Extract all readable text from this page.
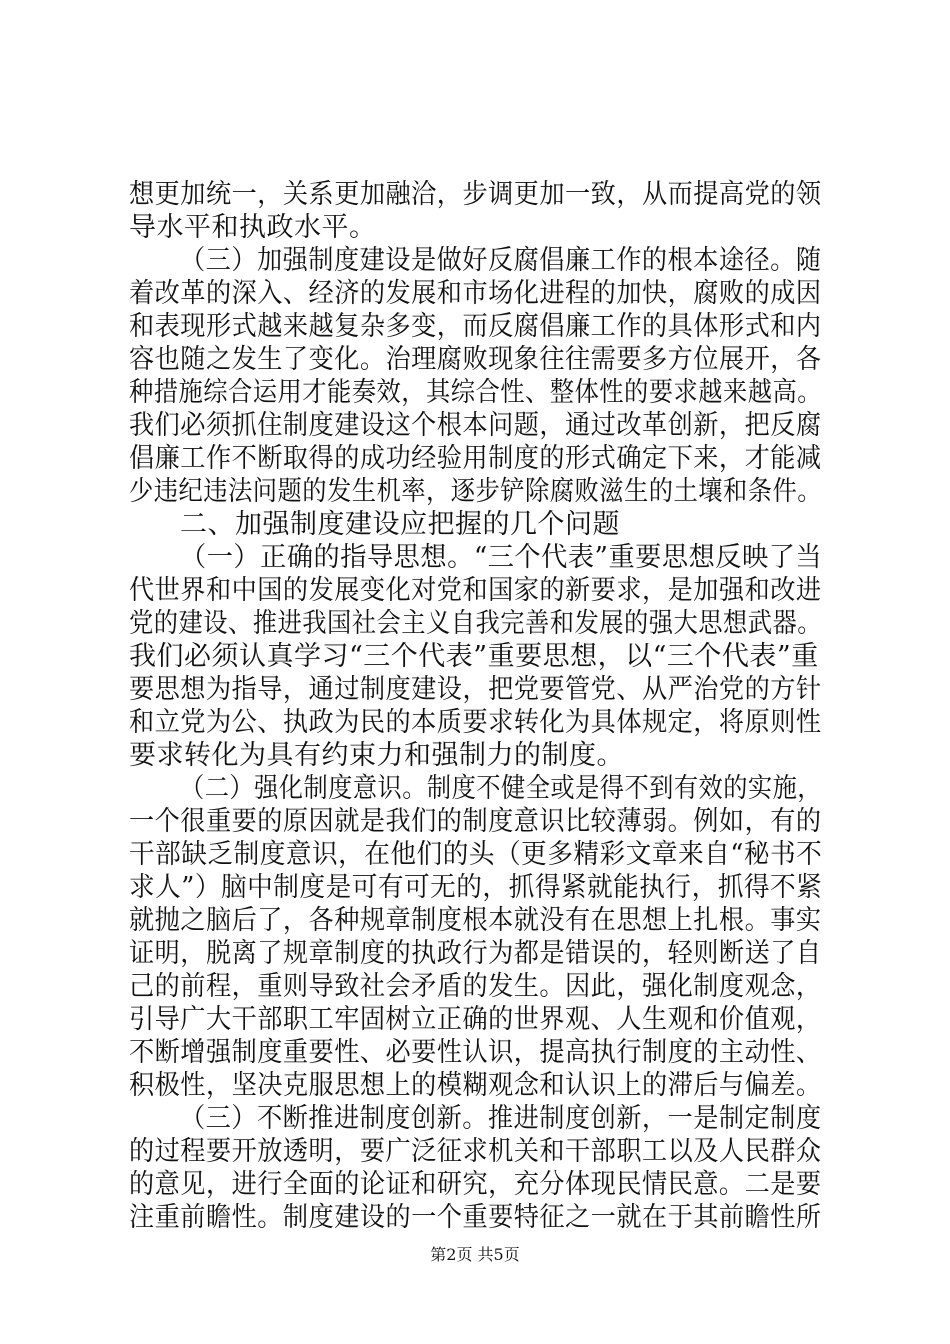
想更加统一，关系更加融洽，步调更加一致，从而提高党的领
导水平和执政水平。
（三）加强制度建设是做好反腐倡廉工作的根本途径。随
着改革的深入、经济的发展和市场化进程的加快，腐败的成因
和表现形式越来越复杂多变，而反腐倡廉工作的具体形式和内
容也随之发生了变化。治理腐败现象往往需要多方位展开，各
种措施综合运用才能奏效，其综合性、整体性的要求越来越高。
我们必须抓住制度建设这个根本问题，通过改革创新，把反腐
倡廉工作不断取得的成功经验用制度的形式确定下来，才能减
少违纪违法问题的发生机率，逐步铲除腐败滋生的土壤和条件。
二、加强制度建设应把握的几个问题
（一）正确的指导思想。“三个代表”重要思想反映了当
代世界和中国的发展变化对党和国家的新要求，是加强和改进
党的建设、推进我国社会主义自我完善和发展的强大思想武器。
我们必须认真学习“三个代表”重要思想，以“三个代表”重
要思想为指导，通过制度建设，把党要管党、从严治党的方针
和立党为公、执政为民的本质要求转化为具体规定，将原则性
要求转化为具有约束力和强制力的制度。
（二）强化制度意识。制度不健全或是得不到有效的实施，
一个很重要的原因就是我们的制度意识比较薄弱。例如，有的
干部缺乏制度意识，在他们的头（更多精彩文章来自“秘书不
求人”）脑中制度是可有可无的，抓得紧就能执行，抓得不紧
就抛之脑后了，各种规章制度根本就没有在思想上扎根。事实
证明，脱离了规章制度的执政行为都是错误的，轻则断送了自
己的前程，重则导致社会矛盾的发生。因此，强化制度观念，
引导广大干部职工牢固树立正确的世界观、人生观和价值观，
不断增强制度重要性、必要性认识，提高执行制度的主动性、
积极性，坚决克服思想上的模糊观念和认识上的滞后与偏差。
（三）不断推进制度创新。推进制度创新，一是制定制度
的过程要开放透明，要广泛征求机关和干部职工以及人民群众
的意见，进行全面的论证和研究，充分体现民情民意。二是要
注重前瞻性。制度建设的一个重要特征之一就在于其前瞻性所
第2页 共5页
